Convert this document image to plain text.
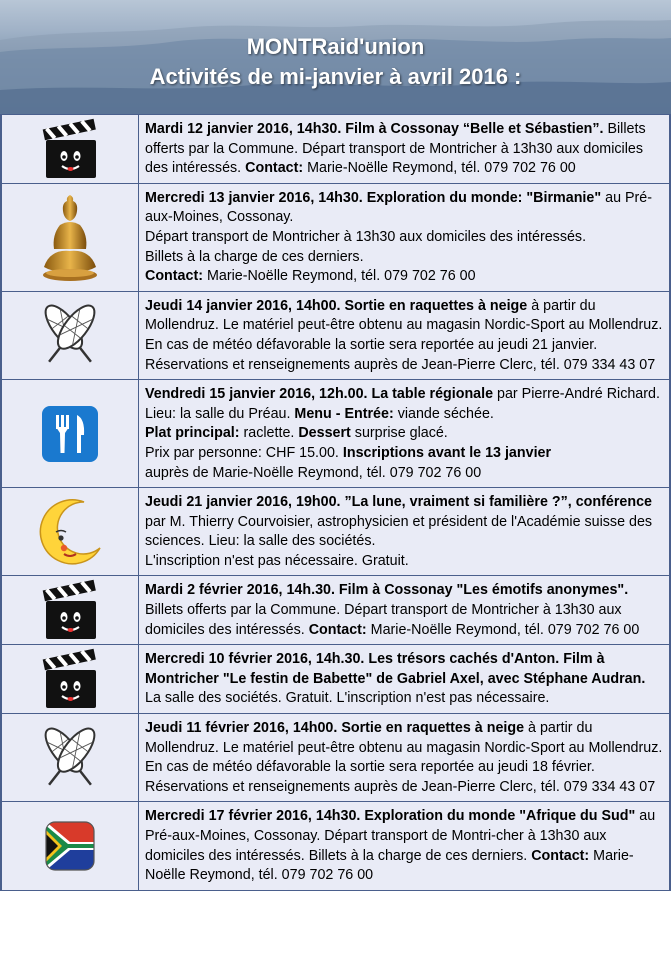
MONTRaid'union
Activités de mi-janvier à avril 2016 :
Mardi 12 janvier 2016, 14h30. Film à Cossonay “Belle et Sébastien”. Billets offerts par la Commune. Départ transport de Montricher à 13h30 aux domiciles des intéressés. Contact: Marie-Noëlle Reymond, tél. 079 702 76 00
Mercredi 13 janvier 2016, 14h30. Exploration du monde: "Birmanie" au Pré-aux-Moines, Cossonay.
Départ transport de Montricher à 13h30 aux domiciles des intéressés.
Billets à la charge de ces derniers.
Contact: Marie-Noëlle Reymond, tél. 079 702 76 00
Jeudi 14 janvier 2016, 14h00. Sortie en raquettes à neige à partir du Mollendruz. Le matériel peut-être obtenu au magasin Nordic-Sport au Mollendruz. En cas de météo défavorable la sortie sera reportée au jeudi 21 janvier. Réservations et renseignements auprès de Jean-Pierre Clerc, tél. 079 334 43 07
Vendredi 15 janvier 2016, 12h.00. La table régionale par Pierre-André Richard. Lieu: la salle du Préau. Menu - Entrée: viande séchée.
Plat principal: raclette. Dessert surprise glacé.
Prix par personne: CHF 15.00. Inscriptions avant le 13 janvier
auprès de Marie-Noëlle Reymond, tél. 079 702 76 00
Jeudi 21 janvier 2016, 19h00. ”La lune, vraiment si familière ?”, conférence par M. Thierry Courvoisier, astrophysicien et président de l'Académie suisse des sciences. Lieu: la salle des sociétés.
L'inscription n'est pas nécessaire. Gratuit.
Mardi 2 février 2016, 14h.30. Film à Cossonay "Les émotifs anonymes". Billets offerts par la Commune. Départ transport de Montricher à 13h30 aux domiciles des intéressés. Contact: Marie-Noëlle Reymond, tél. 079 702 76 00
Mercredi 10 février 2016, 14h.30. Les trésors cachés d'Anton. Film à Montricher "Le festin de Babette" de Gabriel Axel, avec Stéphane Audran. La salle des sociétés. Gratuit. L'inscription n'est pas nécessaire.
Jeudi 11 février 2016, 14h00. Sortie en raquettes à neige à partir du Mollendruz. Le matériel peut-être obtenu au magasin Nordic-Sport au Mollendruz. En cas de météo défavorable la sortie sera reportée au jeudi 18 février. Réservations et renseignements auprès de Jean-Pierre Clerc, tél. 079 334 43 07
Mercredi 17 février 2016, 14h30. Exploration du monde "Afrique du Sud" au Pré-aux-Moines, Cossonay. Départ transport de Montri-cher à 13h30 aux domiciles des intéressés. Billets à la charge de ces derniers. Contact: Marie-Noëlle Reymond, tél. 079 702 76 00
